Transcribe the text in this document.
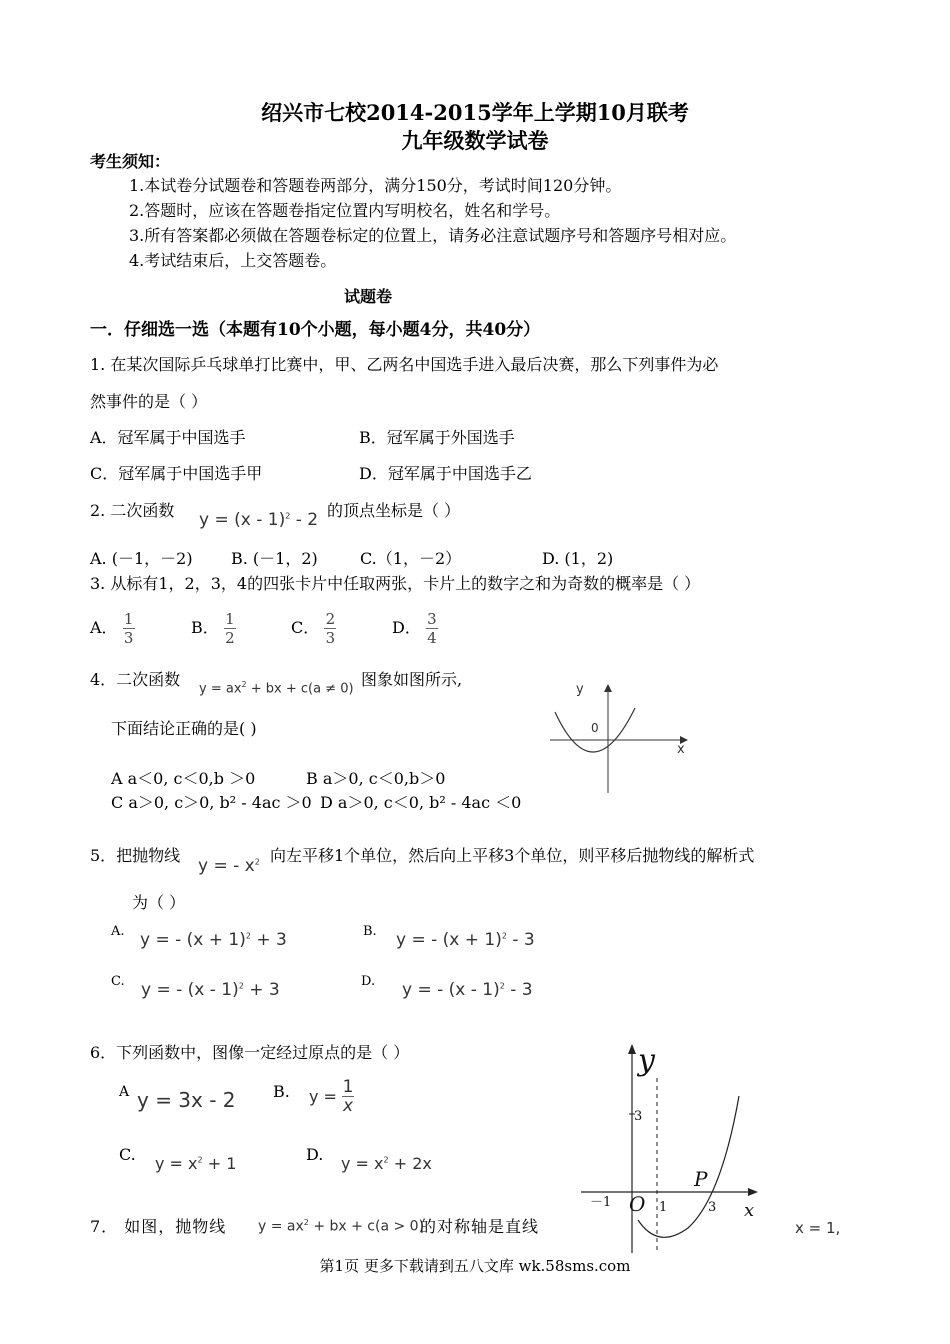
绍兴市七校2014-2015学年上学期10月联考
九年级数学试卷
考生须知：
1.本试卷分试题卷和答题卷两部分，满分150分，考试时间120分钟。
2.答题时，应该在答题卷指定位置内写明校名，姓名和学号。
3.所有答案都必须做在答题卷标定的位置上，请务必注意试题序号和答题序号相对应。
4.考试结束后，上交答题卷。
试题卷
一．仔细选一选（本题有10个小题，每小题4分，共40分）
1. 在某次国际乒乓球单打比赛中，甲、乙两名中国选手进入最后决赛，那么下列事件为必
然事件的是（ ）
A．冠军属于中国选手	B．冠军属于外国选手
C．冠军属于中国选手甲	D．冠军属于中国选手乙
2. 二次函数 y = (x - 1)$^2$ - 2 的顶点坐标是（ ）
A. (－1，－2) B. (－1，2)	C.（1，－2）	D. (1，2)
3. 从标有1，2，3，4的四张卡片中任取两张，卡片上的数字之和为奇数的概率是（ ）
A． $\frac{1}{3}$	B． $\frac{1}{2}$	C． $\frac{2}{3}$	D． $\frac{3}{4}$
4．二次函数 $y = ax^2$ + bx + c(a ≠ 0) 图象如图所示,
下面结论正确的是( )
A a＜0, c＜0,b ＞0	B a＞0, c＜0,b＞0
C a＞0, c＞0, b² - 4ac ＞0 D a＞0, c＜0, b² - 4ac ＜0
y
x
0
5．把抛物线
y = - $x^2$ 向左平移1个单位，然后向上平移3个单位，则平移后抛物线的解析式
为（ ）
A. y = - $(x + 1)^2 + 3$	B. y = - $(x + 1)^2 - 3$
C. y = - (x - 1)$^2$ + 3	D. y = - (x - 1)$^2$ - 3
6．下列函数中，图像一定经过原点的是（ ）
A y = 3x - 2 B. $y = \frac{1}{x}$
C. $y = x^2 + 1$	D. $y = x^2 + 2x$
y
x
O
P
3
－1	1	3
7． 如图，抛物线 $y = ax^2$ + bx + c(a > 0)
的对称轴是直线	x = 1,
第1页 更多下载请到五八文库 wk.58sms.com
